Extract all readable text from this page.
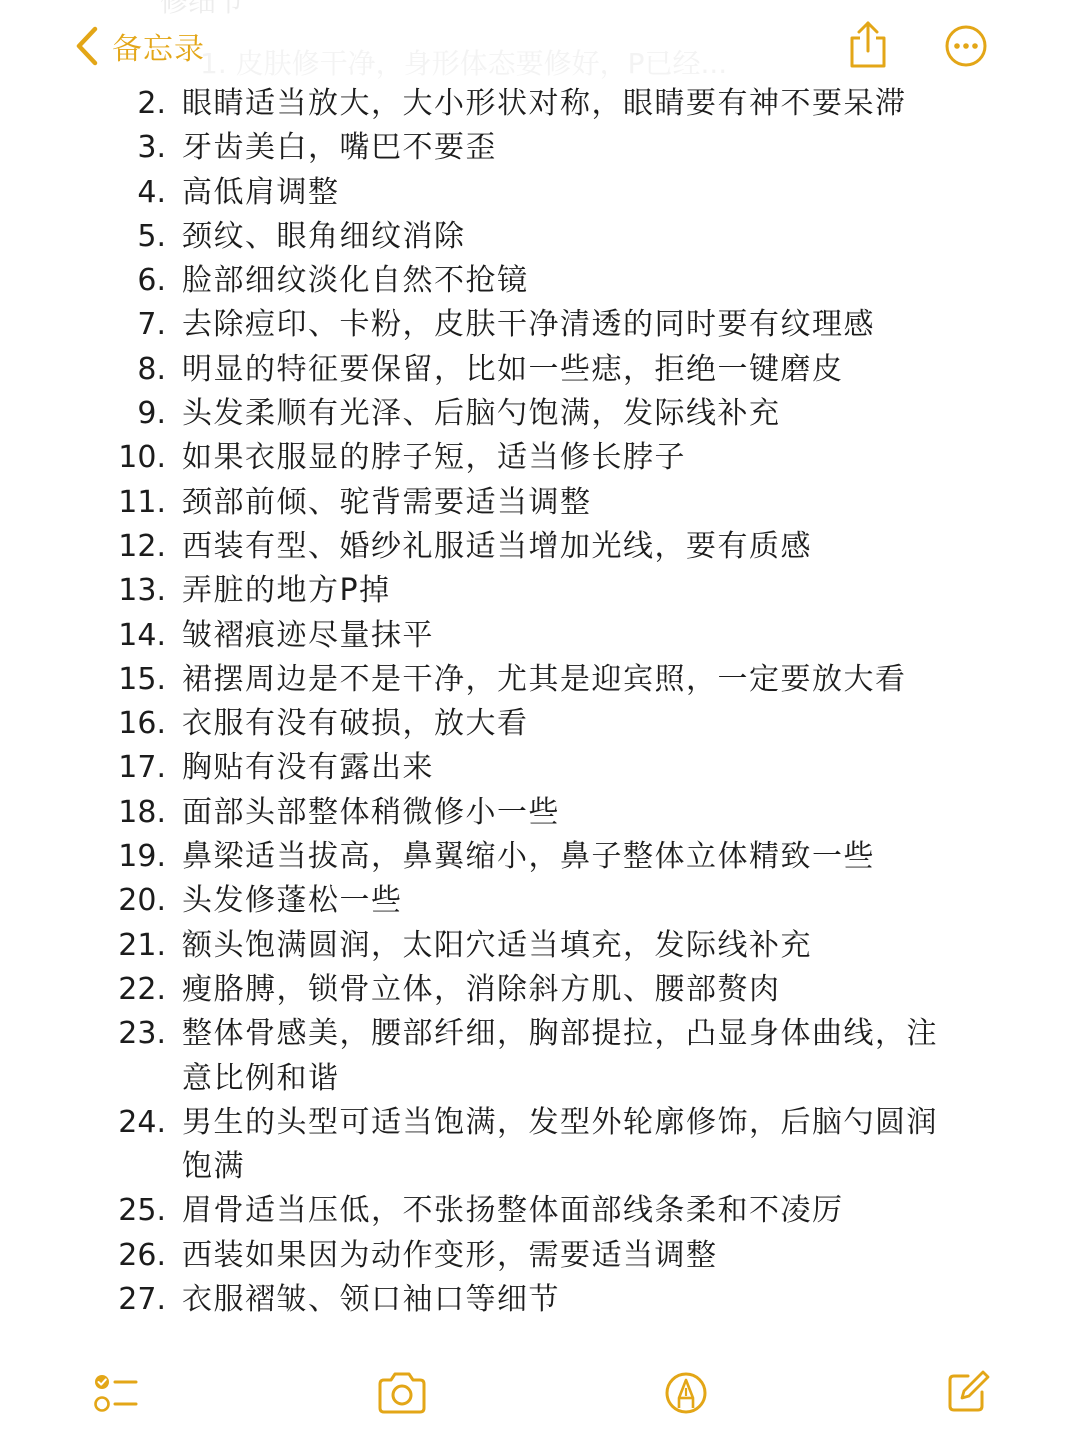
备忘录
2. 眼睛适当放大，大小形状对称，眼睛要有神不要呆滞
3. 牙齿美白，嘴巴不要歪
4. 高低肩调整
5. 颈纹、眼角细纹消除
6. 脸部细纹淡化自然不抢镜
7. 去除痘印、卡粉，皮肤干净清透的同时要有纹理感
8. 明显的特征要保留，比如一些痣，拒绝一键磨皮
9. 头发柔顺有光泽、后脑勺饱满，发际线补充
10. 如果衣服显的脖子短，适当修长脖子
11. 颈部前倾、驼背需要适当调整
12. 西装有型、婚纱礼服适当增加光线，要有质感
13. 弄脏的地方P掉
14. 皱褶痕迹尽量抹平
15. 裙摆周边是不是干净，尤其是迎宾照，一定要放大看
16. 衣服有没有破损，放大看
17. 胸贴有没有露出来
18. 面部头部整体稍微修小一些
19. 鼻梁适当拔高，鼻翼缩小，鼻子整体立体精致一些
20. 头发修蓬松一些
21. 额头饱满圆润，太阳穴适当填充，发际线补充
22. 瘦胳膊，锁骨立体，消除斜方肌、腰部赘肉
23. 整体骨感美，腰部纤细，胸部提拉，凸显身体曲线，注意比例和谐
24. 男生的头型可适当饱满，发型外轮廓修饰，后脑勺圆润饱满
25. 眉骨适当压低，不张扬整体面部线条柔和不凌厉
26. 西装如果因为动作变形，需要适当调整
27. 衣服褶皱、领口袖口等细节
